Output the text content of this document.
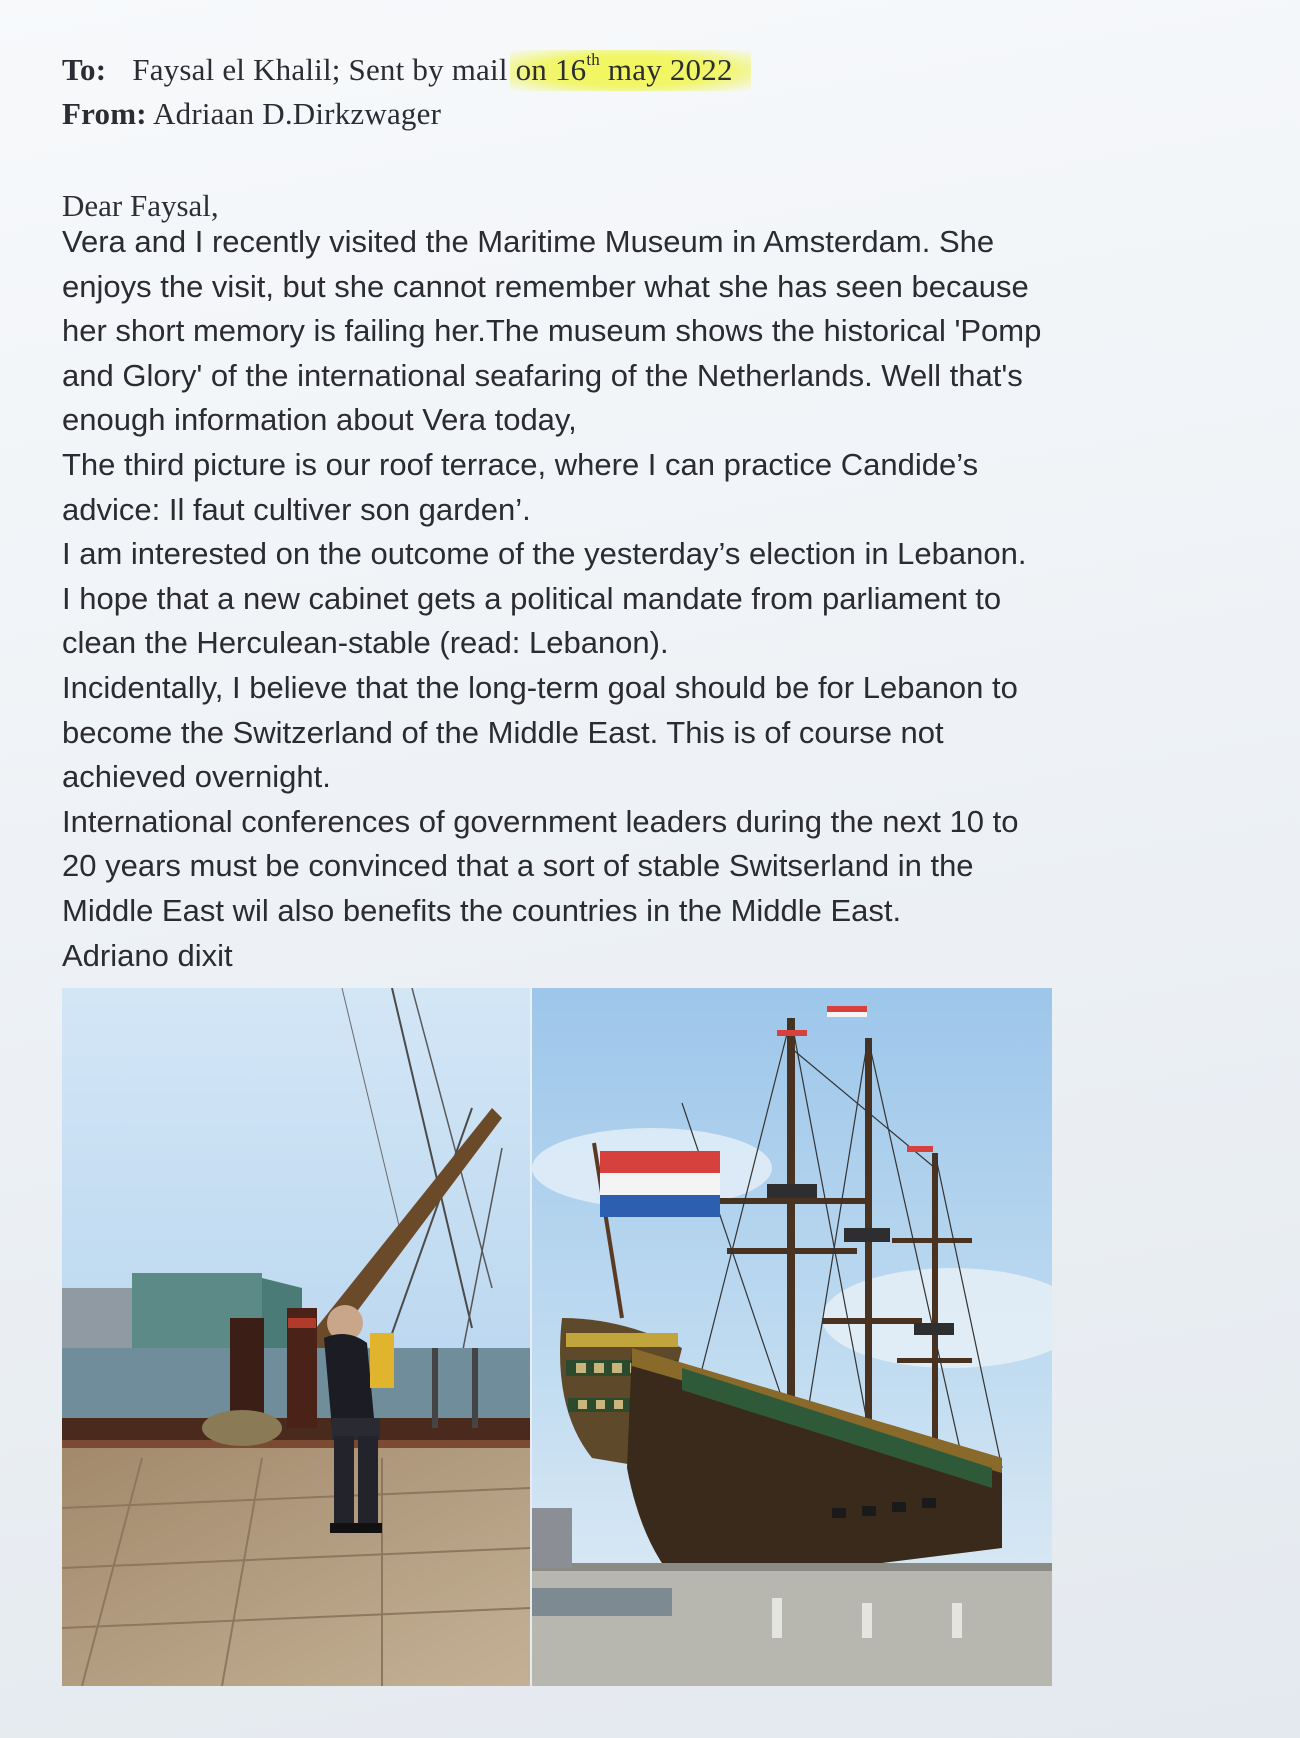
To: Faysal el Khalil; Sent by mail on 16th may 2022
From: Adriaan D.Dirkzwager
Dear Faysal,
Vera and I recently visited the Maritime Museum in Amsterdam. She
enjoys the visit, but she cannot remember what she has seen because
her short memory is failing her.The museum shows the historical 'Pomp
and Glory' of the international seafaring of the Netherlands. Well that's
enough information about Vera today,
The third picture is our roof terrace, where I can practice Candide’s
advice: Il faut cultiver son garden’.
I am interested on the outcome of the yesterday’s election in Lebanon.
I hope that a new cabinet gets a political mandate from parliament to
clean the Herculean-stable (read: Lebanon).
Incidentally, I believe that the long-term goal should be for Lebanon to
become the Switzerland of the Middle East. This is of course not
achieved overnight.
International conferences of government leaders during the next 10 to
20 years must be convinced that a sort of stable Switserland in the
Middle East wil also benefits the countries in the Middle East.
Adriano dixit
